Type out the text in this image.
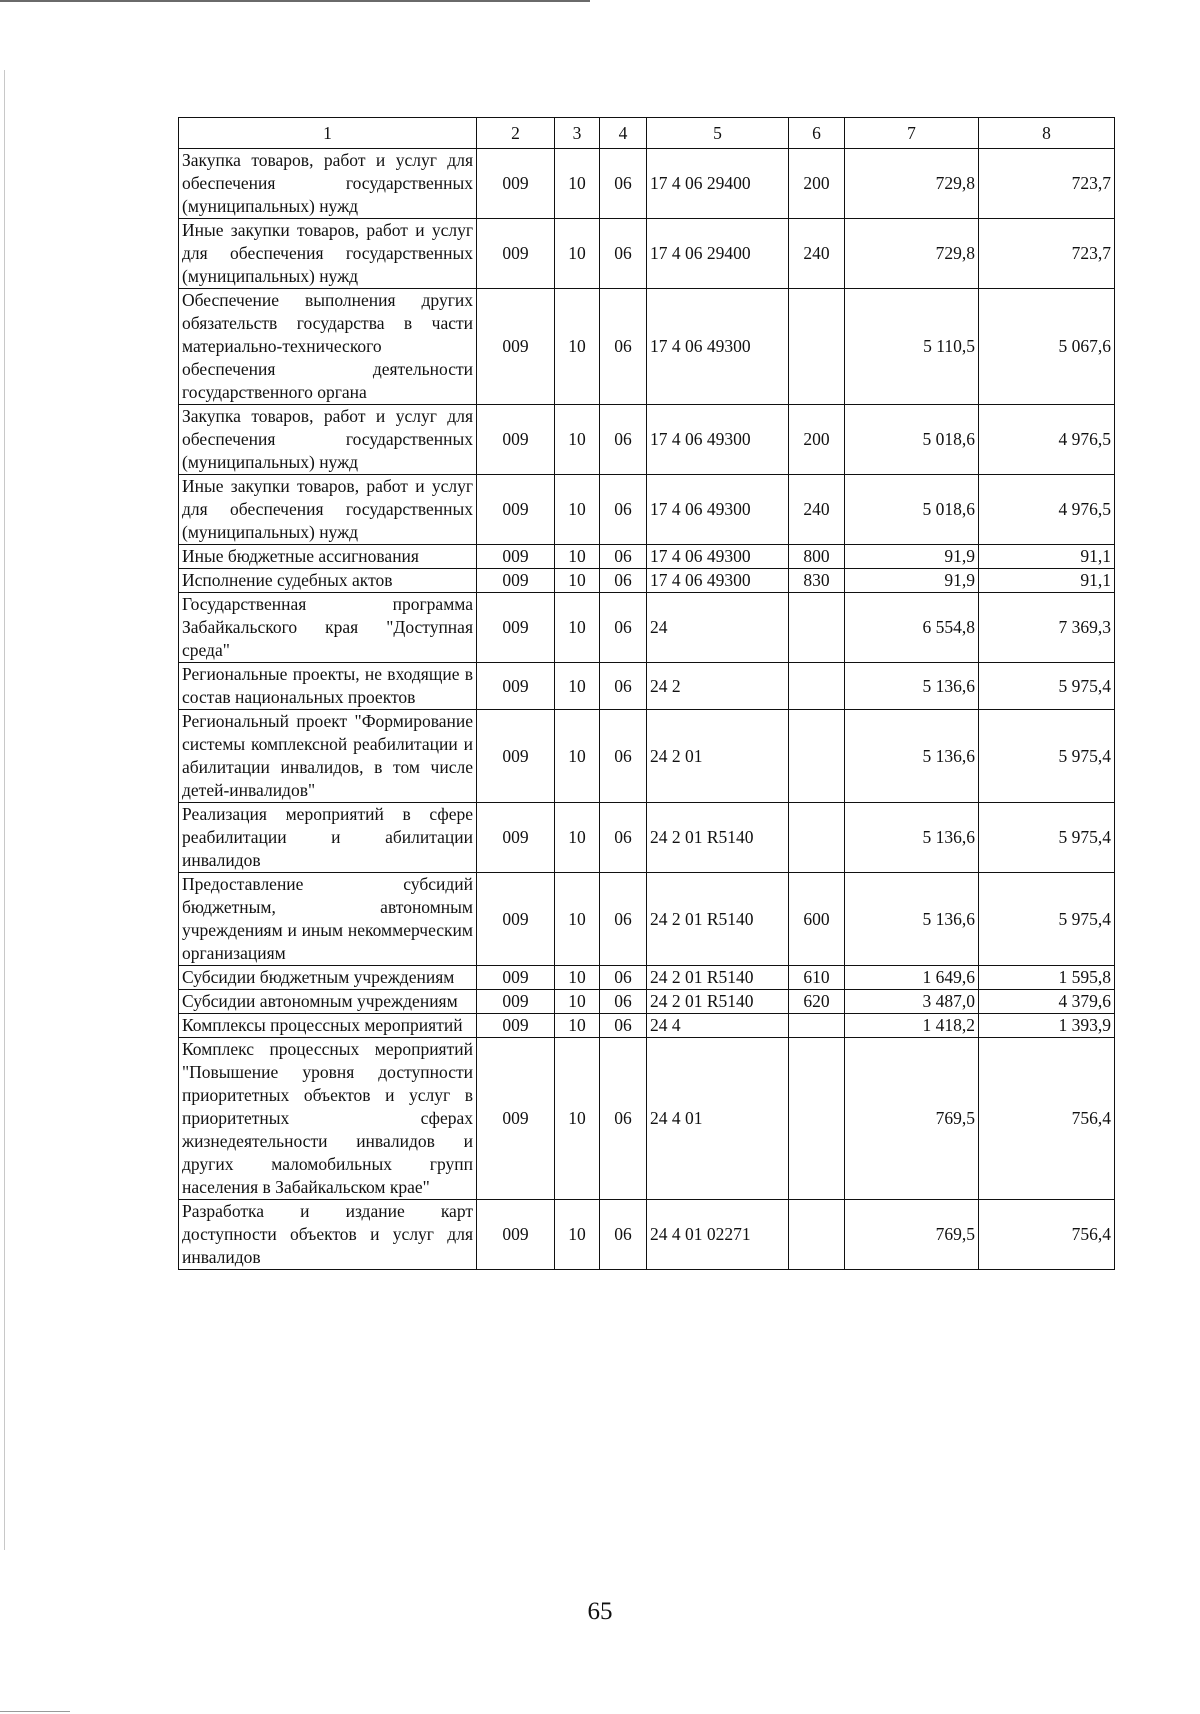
1	2	3	4	5	6	7	8
Закупка товаров, работ и услуг для обеспечения государственных (муниципальных) нужд	009	10	06	17 4 06 29400	200	729,8	723,7
Иные закупки товаров, работ и услуг для обеспечения государственных (муниципальных) нужд	009	10	06	17 4 06 29400	240	729,8	723,7
Обеспечение выполнения других обязательств государства в части материально-технического обеспечения деятельности государственного органа	009	10	06	17 4 06 49300		5 110,5	5 067,6
Закупка товаров, работ и услуг для обеспечения государственных (муниципальных) нужд	009	10	06	17 4 06 49300	200	5 018,6	4 976,5
Иные закупки товаров, работ и услуг для обеспечения государственных (муниципальных) нужд	009	10	06	17 4 06 49300	240	5 018,6	4 976,5
Иные бюджетные ассигнования	009	10	06	17 4 06 49300	800	91,9	91,1
Исполнение судебных актов	009	10	06	17 4 06 49300	830	91,9	91,1
Государственная программа Забайкальского края "Доступная среда"	009	10	06	24		6 554,8	7 369,3
Региональные проекты, не входящие в состав национальных проектов	009	10	06	24 2		5 136,6	5 975,4
Региональный проект "Формирование системы комплексной реабилитации и абилитации инвалидов, в том числе детей-инвалидов"	009	10	06	24 2 01		5 136,6	5 975,4
Реализация мероприятий в сфере реабилитации и абилитации инвалидов	009	10	06	24 2 01 R5140		5 136,6	5 975,4
Предоставление субсидий бюджетным, автономным учреждениям и иным некоммерческим организациям	009	10	06	24 2 01 R5140	600	5 136,6	5 975,4
Субсидии бюджетным учреждениям	009	10	06	24 2 01 R5140	610	1 649,6	1 595,8
Субсидии автономным учреждениям	009	10	06	24 2 01 R5140	620	3 487,0	4 379,6
Комплексы процессных мероприятий	009	10	06	24 4		1 418,2	1 393,9
Комплекс процессных мероприятий "Повышение уровня доступности приоритетных объектов и услуг в приоритетных сферах жизнедеятельности инвалидов и других маломобильных групп населения в Забайкальском крае"	009	10	06	24 4 01		769,5	756,4
Разработка и издание карт доступности объектов и услуг для инвалидов	009	10	06	24 4 01 02271		769,5	756,4
65
